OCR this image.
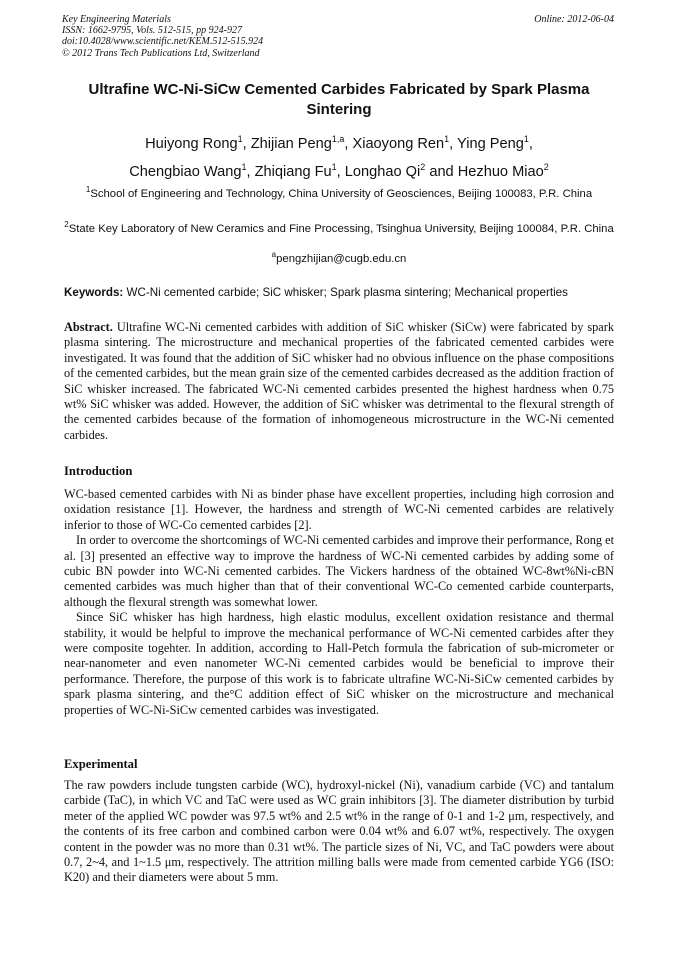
Key Engineering Materials
ISSN: 1662-9795, Vols. 512-515, pp 924-927
doi:10.4028/www.scientific.net/KEM.512-515.924
© 2012 Trans Tech Publications Ltd, Switzerland
Online: 2012-06-04
Ultrafine WC-Ni-SiCw Cemented Carbides Fabricated by Spark Plasma Sintering
Huiyong Rong$^1$, Zhijian Peng$^{1,a}$, Xiaoyong Ren$^1$, Ying Peng$^1$,
Chengbiao Wang$^1$, Zhiqiang Fu$^1$, Longhao Qi$^2$ and Hezhuo Miao$^2$
$^1$School of Engineering and Technology, China University of Geosciences, Beijing 100083, P.R. China
$^2$State Key Laboratory of New Ceramics and Fine Processing, Tsinghua University, Beijing 100084, P.R. China
$^a$pengzhijian@cugb.edu.cn
Keywords: WC-Ni cemented carbide; SiC whisker; Spark plasma sintering; Mechanical properties

Abstract. Ultrafine WC-Ni cemented carbides with addition of SiC whisker (SiCw) were fabricated by spark plasma sintering. The microstructure and mechanical properties of the fabricated cemented carbides were investigated. It was found that the addition of SiC whisker had no obvious influence on the phase compositions of the cemented carbides, but the mean grain size of the cemented carbides decreased as the addition fraction of SiC whisker increased. The fabricated WC-Ni cemented carbides presented the highest hardness when 0.75 wt% SiC whisker was added. However, the addition of SiC whisker was detrimental to the flexural strength of the cemented carbides because of the formation of inhomogeneous microstructure in the WC-Ni cemented carbides.

Introduction

WC-based cemented carbides with Ni as binder phase have excellent properties, including high corrosion and oxidation resistance [1]. However, the hardness and strength of WC-Ni cemented carbides are relatively inferior to those of WC-Co cemented carbides [2].

In order to overcome the shortcomings of WC-Ni cemented carbides and improve their performance, Rong et al. [3] presented an effective way to improve the hardness of WC-Ni cemented carbides by adding some of cubic BN powder into WC-Ni cemented carbides. The Vickers hardness of the obtained WC-8wt%Ni-cBN cemented carbides was much higher than that of their conventional WC-Co cemented carbide counterparts, although the flexural strength was somewhat lower.

Since SiC whisker has high hardness, high elastic modulus, excellent oxidation resistance and thermal stability, it would be helpful to improve the mechanical performance of WC-Ni cemented carbides after they were composite togehter. In addition, according to Hall-Petch formula the fabrication of sub-micrometer or near-nanometer and even nanometer WC-Ni cemented carbides would be beneficial to improve their performance. Therefore, the purpose of this work is to fabricate ultrafine WC-Ni-SiCw cemented carbides by spark plasma sintering, and the°C addition effect of SiC whisker on the microstructure and mechanical properties of WC-Ni-SiCw cemented carbides was investigated.

Experimental

The raw powders include tungsten carbide (WC), hydroxyl-nickel (Ni), vanadium carbide (VC) and tantalum carbide (TaC), in which VC and TaC were used as WC grain inhibitors [3]. The diameter distribution by turbid meter of the applied WC powder was 97.5 wt% and 2.5 wt% in the range of 0-1 and 1-2 μm, respectively, and the contents of its free carbon and combined carbon were 0.04 wt% and 6.07 wt%, respectively. The oxygen content in the powder was no more than 0.31 wt%. The particle sizes of Ni, VC, and TaC powders were about 0.7, 2~4, and 1~1.5 μm, respectively. The attrition milling balls were made from cemented carbide YG6 (ISO: K20) and their diameters were about 5 mm.
